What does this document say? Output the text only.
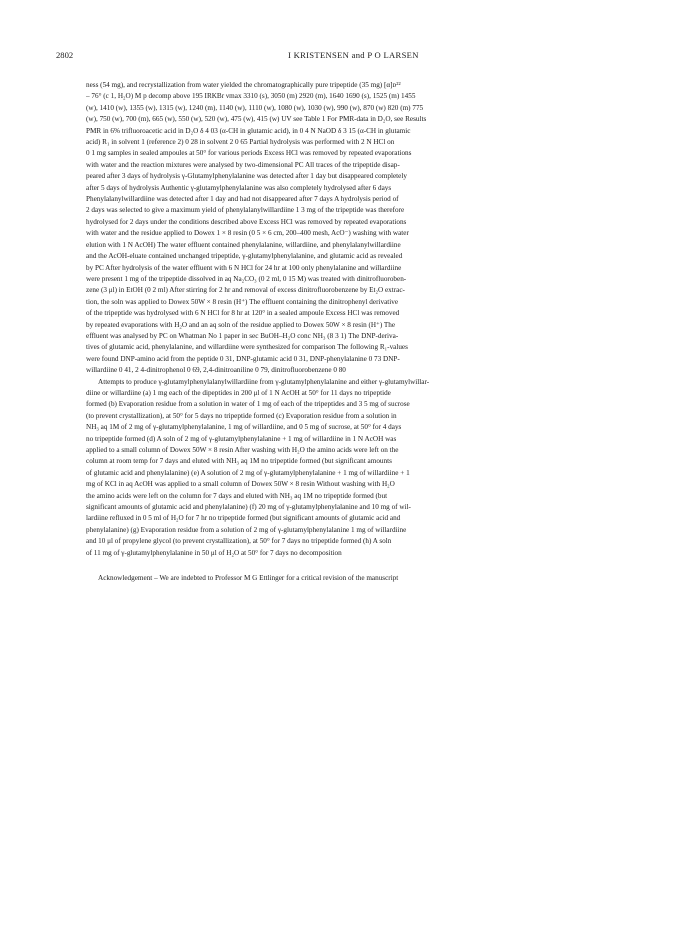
2802	I KRISTENSEN and P O LARSEN
ness (54 mg), and recrystallization from water yielded the chromatographically pure tripeptide (35 mg) [α]ᴅ²²
– 76° (c 1, H₂O) M p decomp above 195 IRKBr νmax 3310 (s), 3050 (m) 2920 (m), 1640 1690 (s), 1525 (m) 1455
(w), 1410 (w), 1355 (w), 1315 (w), 1240 (m), 1140 (w), 1110 (w), 1080 (w), 1030 (w), 990 (w), 870 (w) 820 (m) 775
(w), 750 (w), 700 (m), 665 (w), 550 (w), 520 (w), 475 (w), 415 (w) UV see Table 1 For PMR-data in D₂O, see Results
PMR in 6% trifluoroacetic acid in D₂O δ 4 03 (α-CH in glutamic acid), in 0 4 N NaOD δ 3 15 (α-CH in glutamic
acid) R₁ in solvent 1 (reference 2) 0 28 in solvent 2 0 65 Partial hydrolysis was performed with 2 N HCl on
0 1 mg samples in sealed ampoules at 50° for various periods Excess HCl was removed by repeated evaporations
with water and the reaction mixtures were analysed by two-dimensional PC All traces of the tripeptide disap-
peared after 3 days of hydrolysis γ-Glutamylphenylalanine was detected after 1 day but disappeared completely
after 5 days of hydrolysis Authentic γ-glutamylphenylalanine was also completely hydrolysed after 6 days
Phenylalanylwillardiine was detected after 1 day and had not disappeared after 7 days A hydrolysis period of
2 days was selected to give a maximum yield of phenylalanylwillardiine 1 3 mg of the tripeptide was therefore
hydrolysed for 2 days under the conditions described above Excess HCl was removed by repeated evaporations
with water and the residue applied to Dowex 1 × 8 resin (0 5 × 6 cm, 200–400 mesh, AcO⁻) washing with water
elution with 1 N AcOH) The water effluent contained phenylalanine, willardiine, and phenylalanylwillardiine
and the AcOH-eluate contained unchanged tripeptide, γ-glutamylphenylalanine, and glutamic acid as revealed
by PC After hydrolysis of the water effluent with 6 N HCl for 24 hr at 100 only phenylalanine and willardiine
were present 1 mg of the tripeptide dissolved in aq Na₂CO₃ (0 2 ml, 0 15 M) was treated with dinitrofluoroben-
zene (3 μl) in EtOH (0 2 ml) After stirring for 2 hr and removal of excess dinitrofluorobenzene by Et₂O extrac-
tion, the soln was applied to Dowex 50W × 8 resin (H⁺) The effluent containing the dinitrophenyl derivative
of the tripeptide was hydrolysed with 6 N HCl for 8 hr at 120° in a sealed ampoule Excess HCl was removed
by repeated evaporations with H₂O and an aq soln of the residue applied to Dowex 50W × 8 resin (H⁺) The
effluent was analysed by PC on Whatman No 1 paper in sec BuOH–H₂O conc NH₃ (8 3 1) The DNP-deriva-
tives of glutamic acid, phenylalanine, and willardiine were synthesized for comparison The following R₁-values
were found DNP-amino acid from the peptide 0 31, DNP-glutamic acid 0 31, DNP-phenylalanine 0 73 DNP-
willardiine 0 41, 2 4-dinitrophenol 0 69, 2,4-dinitroaniline 0 79, dinitrofluorobenzene 0 80
Attempts to produce γ-glutamylphenylalanylwillardiine from γ-glutamylphenylalanine and either γ-glutamylwillar-
diine or willardiine (a) 1 mg each of the dipeptides in 200 μl of 1 N AcOH at 50° for 11 days no tripeptide
formed (b) Evaporation residue from a solution in water of 1 mg of each of the tripeptides and 3 5 mg of sucrose
(to prevent crystallization), at 50° for 5 days no tripeptide formed (c) Evaporation residue from a solution in
NH₃ aq 1M of 2 mg of γ-glutamylphenylalanine, 1 mg of willardiine, and 0 5 mg of sucrose, at 50° for 4 days
no tripeptide formed (d) A soln of 2 mg of γ-glutamylphenylalanine + 1 mg of willardiine in 1 N AcOH was
applied to a small column of Dowex 50W × 8 resin After washing with H₂O the amino acids were left on the
column at room temp for 7 days and eluted with NH₃ aq 1M no tripeptide formed (but significant amounts
of glutamic acid and phenylalanine) (e) A solution of 2 mg of γ-glutamylphenylalanine + 1 mg of willardiine + 1
mg of KCl in aq AcOH was applied to a small column of Dowex 50W × 8 resin Without washing with H₂O
the amino acids were left on the column for 7 days and eluted with NH₃ aq 1M no tripeptide formed (but
significant amounts of glutamic acid and phenylalanine) (f) 20 mg of γ-glutamylphenylalanine and 10 mg of wil-
lardiine refluxed in 0 5 ml of H₂O for 7 hr no tripeptide formed (but significant amounts of glutamic acid and
phenylalanine) (g) Evaporation residue from a solution of 2 mg of γ-glutamylphenylalanine 1 mg of willardiine
and 10 μl of propylene glycol (to prevent crystallization), at 50° for 7 days no tripeptide formed (h) A soln
of 11 mg of γ-glutamylphenylalanine in 50 μl of H₂O at 50° for 7 days no decomposition
Acknowledgement – We are indebted to Professor M G Ettlinger for a critical revision of the manuscript
